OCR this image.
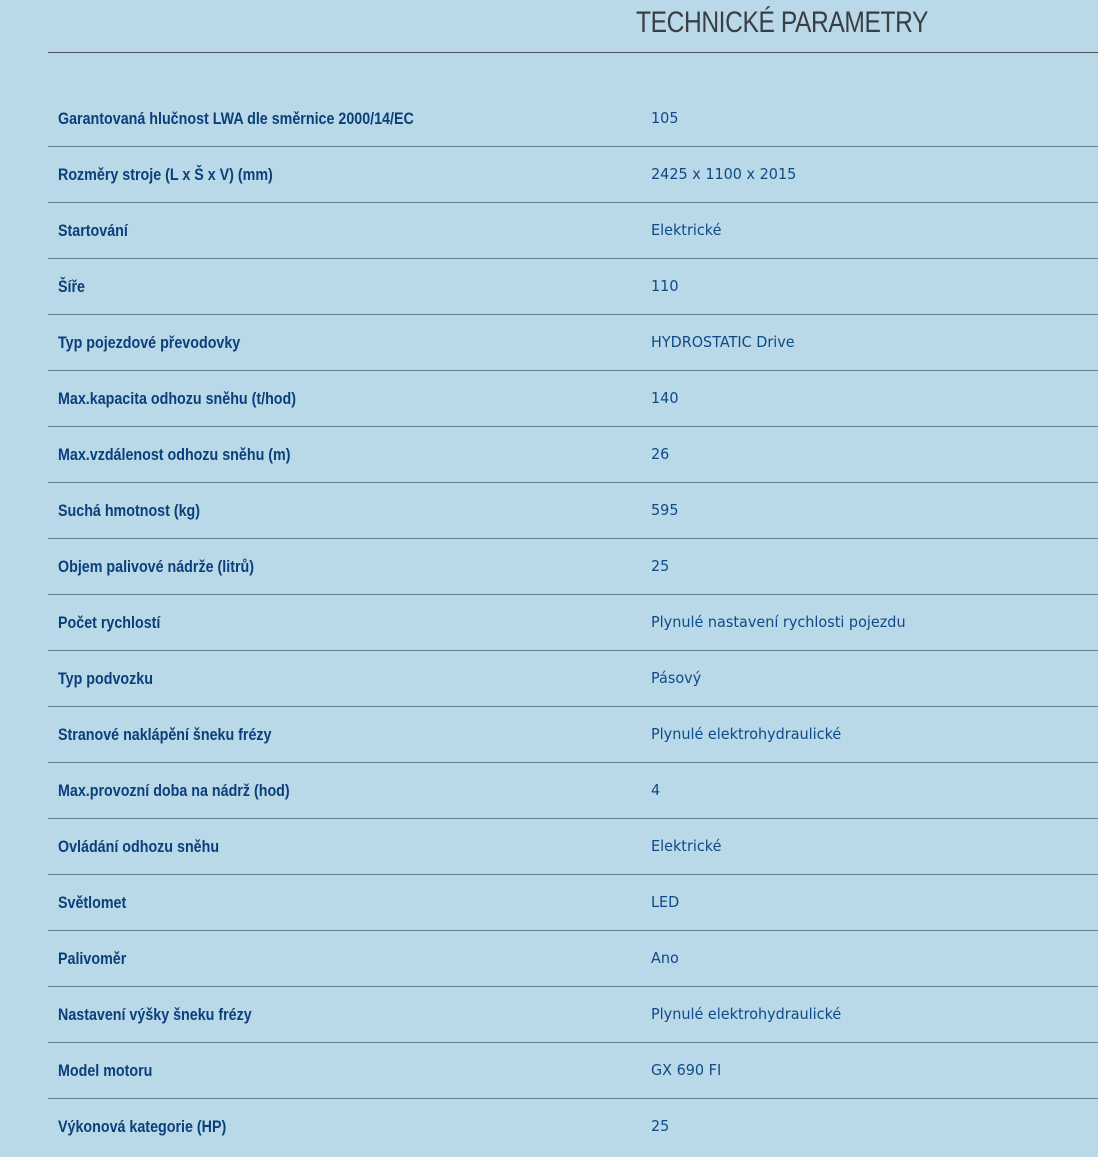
TECHNICKÉ PARAMETRY
Garantovaná hlučnost LWA dle směrnice 2000/14/EC	105
Rozměry stroje (L x Š x V) (mm)	2425 x 1100 x 2015
Startování	Elektrické
Šíře	110
Typ pojezdové převodovky	HYDROSTATIC Drive
Max.kapacita odhozu sněhu (t/hod)	140
Max.vzdálenost odhozu sněhu (m)	26
Suchá hmotnost (kg)	595
Objem palivové nádrže (litrů)	25
Počet rychlostí	Plynulé nastavení rychlosti pojezdu
Typ podvozku	Pásový
Stranové naklápění šneku frézy	Plynulé elektrohydraulické
Max.provozní doba na nádrž (hod)	4
Ovládání odhozu sněhu	Elektrické
Světlomet	LED
Palivoměr	Ano
Nastavení výšky šneku frézy	Plynulé elektrohydraulické
Model motoru	GX 690 FI
Výkonová kategorie (HP)	25
